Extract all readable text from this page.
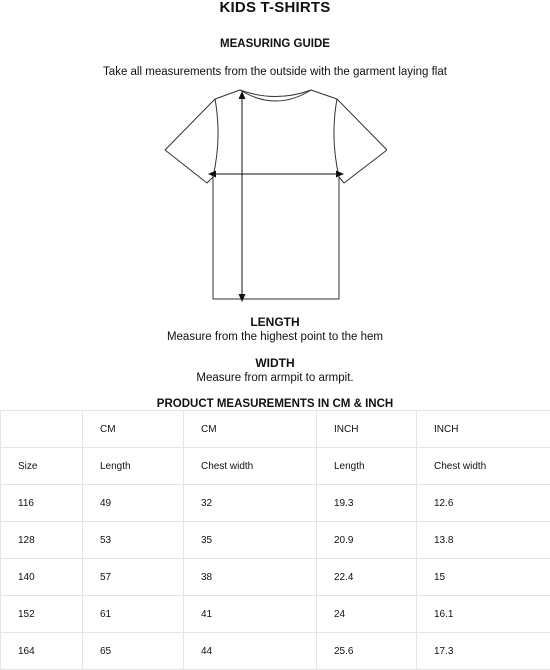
KIDS T-SHIRTS
MEASURING GUIDE
Take all measurements from the outside with the garment laying flat
LENGTH
Measure from the highest point to the hem
WIDTH
Measure from armpit to armpit.
PRODUCT MEASUREMENTS IN CM & INCH
	CM	CM	INCH	INCH
Size	Length	Chest width	Length	Chest width
116	49	32	19.3	12.6
128	53	35	20.9	13.8
140	57	38	22.4	15
152	61	41	24	16.1
164	65	44	25.6	17.3
